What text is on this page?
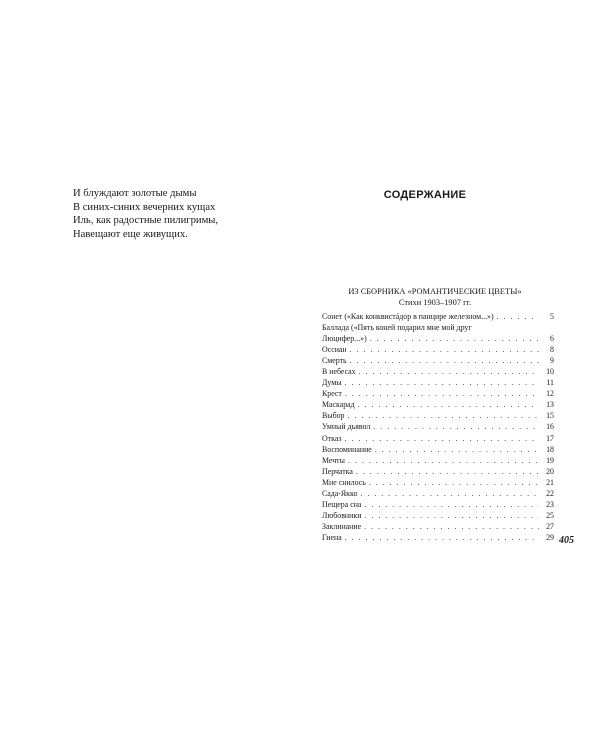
И блуждают золотые дымы
В синих-синих вечерних кущах
Иль, как радостные пилигримы,
Навещают еще живущих.
СОДЕРЖАНИЕ
ИЗ СБОРНИКА «РОМАНТИЧЕСКИЕ ЦВЕТЫ»
Стихи 1903–1907 гг.
Сонет («Как конквистáдор в панцире железном...») . . .	5
Баллада («Пять коней подарил мне мой друг
Люцифер...») . . .	6
Оссиан . . .	8
Смерть . . .	9
В небесах . . .	10
Думы . . .	11
Крест . . .	12
Маскарад . . .	13
Выбор . . .	15
Умный дьявол . . .	16
Отказ . . .	17
Воспоминание . . .	18
Мечты . . .	19
Перчатка . . .	20
Мне снилось . . .	21
Сада-Якко . . .	22
Пещера сна . . .	23
Любовники . . .	25
Заклинание . . .	27
Гиена . . .	29 405
